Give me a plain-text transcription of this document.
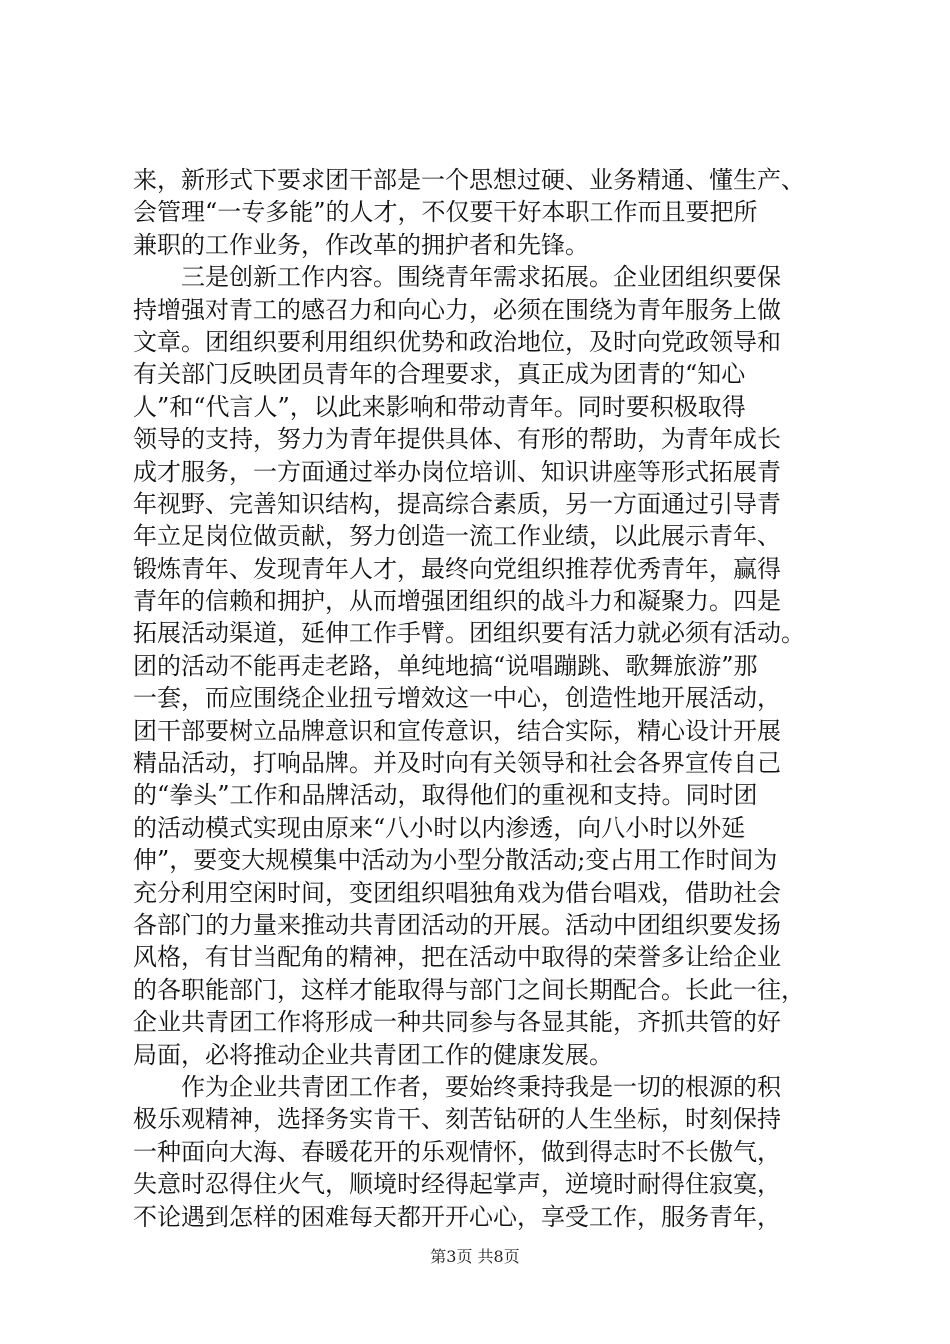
来，新形式下要求团干部是一个思想过硬、业务精通、懂生产、
会管理“一专多能”的人才，不仅要干好本职工作而且要把所
兼职的工作业务，作改革的拥护者和先锋。
　　三是创新工作内容。围绕青年需求拓展。企业团组织要保
持增强对青工的感召力和向心力，必须在围绕为青年服务上做
文章。团组织要利用组织优势和政治地位，及时向党政领导和
有关部门反映团员青年的合理要求，真正成为团青的“知心
人”和“代言人”，以此来影响和带动青年。同时要积极取得
领导的支持，努力为青年提供具体、有形的帮助，为青年成长
成才服务，一方面通过举办岗位培训、知识讲座等形式拓展青
年视野、完善知识结构，提高综合素质，另一方面通过引导青
年立足岗位做贡献，努力创造一流工作业绩，以此展示青年、
锻炼青年、发现青年人才，最终向党组织推荐优秀青年，赢得
青年的信赖和拥护，从而增强团组织的战斗力和凝聚力。四是
拓展活动渠道，延伸工作手臂。团组织要有活力就必须有活动。
团的活动不能再走老路，单纯地搞“说唱蹦跳、歌舞旅游”那
一套，而应围绕企业扭亏增效这一中心，创造性地开展活动，
团干部要树立品牌意识和宣传意识，结合实际，精心设计开展
精品活动，打响品牌。并及时向有关领导和社会各界宣传自己
的“拳头”工作和品牌活动，取得他们的重视和支持。同时团
的活动模式实现由原来“八小时以内渗透，向八小时以外延
伸”，要变大规模集中活动为小型分散活动;变占用工作时间为
充分利用空闲时间，变团组织唱独角戏为借台唱戏，借助社会
各部门的力量来推动共青团活动的开展。活动中团组织要发扬
风格，有甘当配角的精神，把在活动中取得的荣誉多让给企业
的各职能部门，这样才能取得与部门之间长期配合。长此一往，
企业共青团工作将形成一种共同参与各显其能，齐抓共管的好
局面，必将推动企业共青团工作的健康发展。
　　作为企业共青团工作者，要始终秉持我是一切的根源的积
极乐观精神，选择务实肯干、刻苦钻研的人生坐标，时刻保持
一种面向大海、春暖花开的乐观情怀，做到得志时不长傲气，
失意时忍得住火气，顺境时经得起掌声，逆境时耐得住寂寞，
不论遇到怎样的困难每天都开开心心，享受工作，服务青年，
第3页 共8页
